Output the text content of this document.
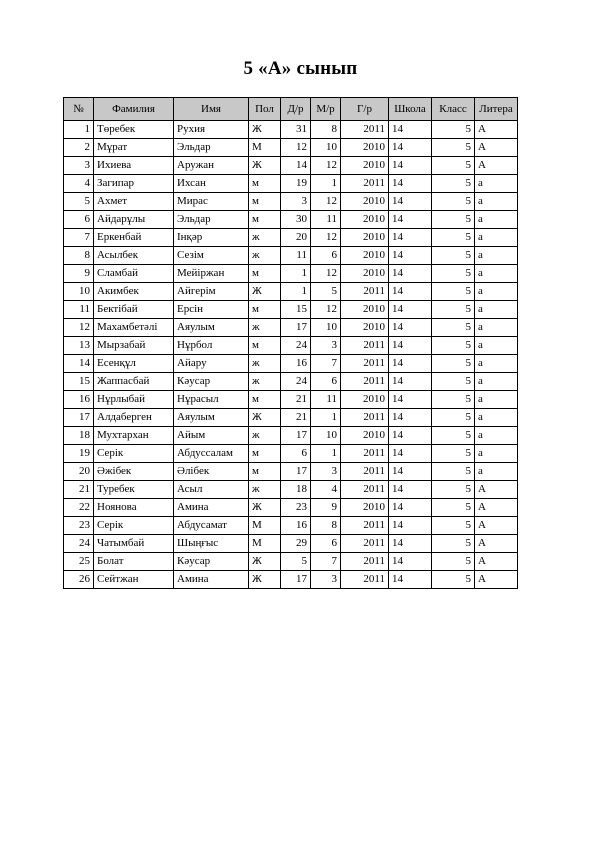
5 «А» сынып
№	Фамилия	Имя	Пол	Д/р	М/р	Г/р	Школа	Класс	Литера
1	Төребек	Рухия	Ж	31	8	2011	14	5	А
2	Мұрат	Эльдар	М	12	10	2010	14	5	А
3	Ихиева	Аружан	Ж	14	12	2010	14	5	А
4	Загипар	Ихсан	м	19	1	2011	14	5	а
5	Ахмет	Мирас	м	3	12	2010	14	5	а
6	Айдарұлы	Эльдар	м	30	11	2010	14	5	а
7	Еркенбай	Інқәр	ж	20	12	2010	14	5	а
8	Асылбек	Сезім	ж	11	6	2010	14	5	а
9	Сламбай	Мейіржан	м	1	12	2010	14	5	а
10	Акимбек	Айгерім	Ж	1	5	2011	14	5	а
11	Бектібай	Ерсін	м	15	12	2010	14	5	а
12	Махамбетәлі	Аяулым	ж	17	10	2010	14	5	а
13	Мырзабай	Нұрбол	м	24	3	2011	14	5	а
14	Есенқұл	Айару	ж	16	7	2011	14	5	а
15	Жаппасбай	Кәусар	ж	24	6	2011	14	5	а
16	Нұрлыбай	Нұрасыл	м	21	11	2010	14	5	а
17	Алдаберген	Аяулым	Ж	21	1	2011	14	5	а
18	Мухтархан	Айым	ж	17	10	2010	14	5	а
19	Серік	Абдуссалам	м	6	1	2011	14	5	а
20	Әжібек	Әлібек	м	17	3	2011	14	5	а
21	Туребек	Асыл	ж	18	4	2011	14	5	А
22	Ноянова	Амина	Ж	23	9	2010	14	5	А
23	Серік	Абдусамат	М	16	8	2011	14	5	А
24	Чатымбай	Шыңғыс	М	29	6	2011	14	5	А
25	Болат	Кәусар	Ж	5	7	2011	14	5	А
26	Сейтжан	Амина	Ж	17	3	2011	14	5	А
